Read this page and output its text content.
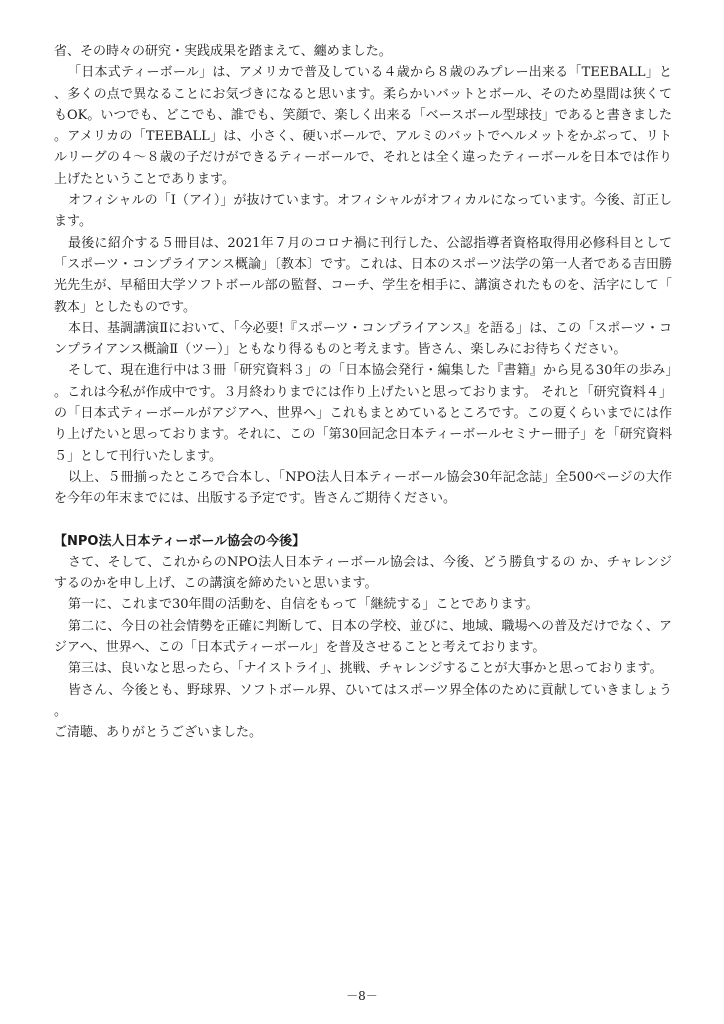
省、その時々の研究・実践成果を踏まえて、纏めました。

「日本式ティーボール」は、アメリカで普及している４歳から８歳のみプレー出来る「TEEBALL」と、多くの点で異なることにお気づきになると思います。柔らかいバットとボール、そのため塁間は狭くてもOK。いつでも、どこでも、誰でも、笑顔で、楽しく出来る「ベースボール型球技」であると書きました。アメリカの「TEEBALL」は、小さく、硬いボールで、アルミのバットでヘルメットをかぶって、リトルリーグの４～８歳の子だけができるティーボールで、それとは全く違ったティーボールを日本では作り上げたということであります。

オフィシャルの「I（アイ）」が抜けています。オフィシャルがオフィカルになっています。今後、訂正します。

最後に紹介する５冊目は、2021年７月のコロナ禍に刊行した、公認指導者資格取得用必修科目として「スポーツ・コンプライアンス概論」〔教本〕です。これは、日本のスポーツ法学の第一人者である吉田勝光先生が、早稲田大学ソフトボール部の監督、コーチ、学生を相手に、講演されたものを、活字にして「教本」としたものです。

本日、基調講演Ⅱにおいて、「今必要!『スポーツ・コンプライアンス』を語る」は、この「スポーツ・コンプライアンス概論Ⅱ（ツー）」ともなり得るものと考えます。皆さん、楽しみにお待ちください。

そして、現在進行中は３冊「研究資料３」の「日本協会発行・編集した『書籍』から見る30年の歩み」。これは今私が作成中です。３月終わりまでには作り上げたいと思っております。 それと「研究資料４」の「日本式ティーボールがアジアへ、世界へ」これもまとめているところです。この夏くらいまでには作り上げたいと思っております。それに、この「第30回記念日本ティーボールセミナー冊子」を「研究資料５」として刊行いたします。

以上、５冊揃ったところで合本し、「NPO法人日本ティーボール協会30年記念誌」全500ページの大作を今年の年末までには、出版する予定です。皆さんご期待ください。

【NPO法人日本ティーボール協会の今後】

さて、そして、これからのNPO法人日本ティーボール協会は、今後、どう勝負するの か、チャレンジするのかを申し上げ、この講演を締めたいと思います。

第一に、これまで30年間の活動を、自信をもって「継続する」ことであります。

第二に、今日の社会情勢を正確に判断して、日本の学校、並びに、地域、職場への普及だけでなく、アジアへ、世界へ、この「日本式ティーボール」を普及させることと考えております。

第三は、良いなと思ったら、「ナイストライ」、挑戦、チャレンジすることが大事かと思っております。

皆さん、今後とも、野球界、ソフトボール界、ひいてはスポーツ界全体のために貢献していきましょう。

ご清聴、ありがとうございました。

－8－
